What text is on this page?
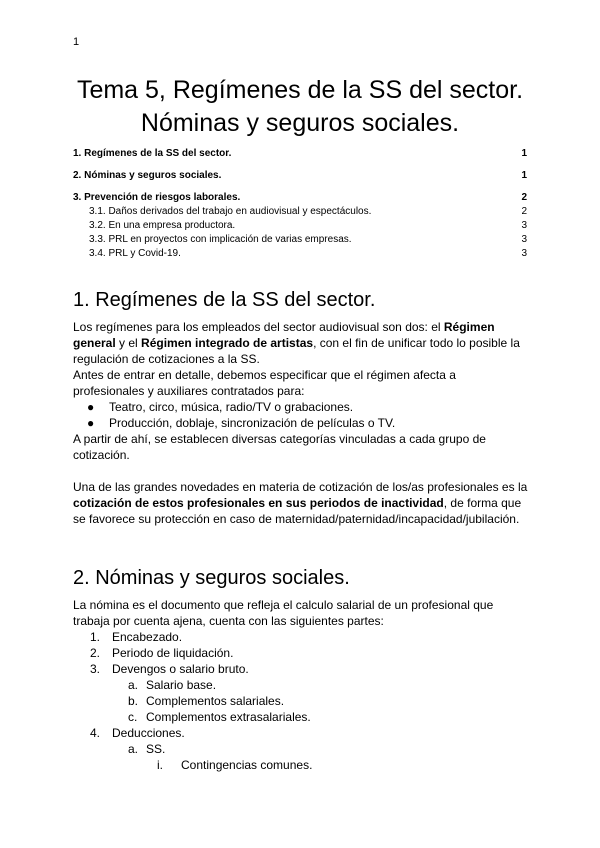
1
Tema 5, Regímenes de la SS del sector. Nóminas y seguros sociales.
1. Regímenes de la SS del sector.	1
2. Nóminas y seguros sociales.	1
3. Prevención de riesgos laborales.	2
3.1. Daños derivados del trabajo en audiovisual y espectáculos.	2
3.2. En una empresa productora.	3
3.3. PRL en proyectos con implicación de varias empresas.	3
3.4. PRL y Covid-19.	3
1. Regímenes de la SS del sector.

Los regímenes para los empleados del sector audiovisual son dos: el Régimen general y el Régimen integrado de artistas, con el fin de unificar todo lo posible la regulación de cotizaciones a la SS.

Antes de entrar en detalle, debemos especificar que el régimen afecta a profesionales y auxiliares contratados para:

●	Teatro, circo, música, radio/TV o grabaciones.
●	Producción, doblaje, sincronización de películas o TV.

A partir de ahí, se establecen diversas categorías vinculadas a cada grupo de cotización.

Una de las grandes novedades en materia de cotización de los/as profesionales es la cotización de estos profesionales en sus periodos de inactividad, de forma que se favorece su protección en caso de maternidad/paternidad/incapacidad/jubilación.

2. Nóminas y seguros sociales.

La nómina es el documento que refleja el calculo salarial de un profesional que trabaja por cuenta ajena, cuenta con las siguientes partes:

1. Encabezado.
2. Periodo de liquidación.
3. Devengos o salario bruto.
a. Salario base.
b. Complementos salariales.
c. Complementos extrasalariales.
4. Deducciones.
a. SS.
i.	Contingencias comunes.
